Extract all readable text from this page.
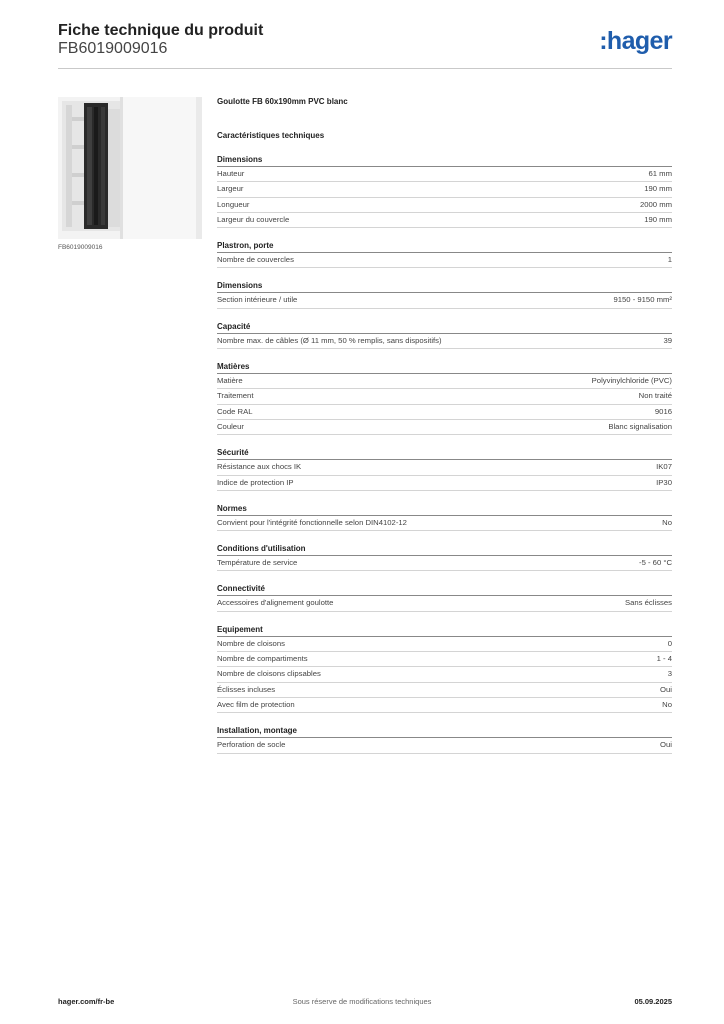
Fiche technique du produit
FB6019009016	:hager
FB6019009016
Goulotte FB 60x190mm PVC blanc
Caractéristiques techniques
Dimensions
Hauteur	61 mm
Largeur	190 mm
Longueur	2000 mm
Largeur du couvercle	190 mm
Plastron, porte
Nombre de couvercles	1
Dimensions
Section intérieure / utile	9150 - 9150 mm²
Capacité
Nombre max. de câbles (Ø 11 mm, 50 % remplis, sans dispositifs)	39
Matières
Matière	Polyvinylchloride (PVC)
Traitement	Non traité
Code RAL	9016
Couleur	Blanc signalisation
Sécurité
Résistance aux chocs IK	IK07
Indice de protection IP	IP30
Normes
Convient pour l'intégrité fonctionnelle selon DIN4102-12	No
Conditions d'utilisation
Température de service	-5 - 60 °C
Connectivité
Accessoires d'alignement goulotte	Sans éclisses
Equipement
Nombre de cloisons	0
Nombre de compartiments	1 - 4
Nombre de cloisons clipsables	3
Éclisses incluses	Oui
Avec film de protection	No
Installation, montage
Perforation de socle	Oui
hager.com/fr-be	Sous réserve de modifications techniques	05.09.2025
